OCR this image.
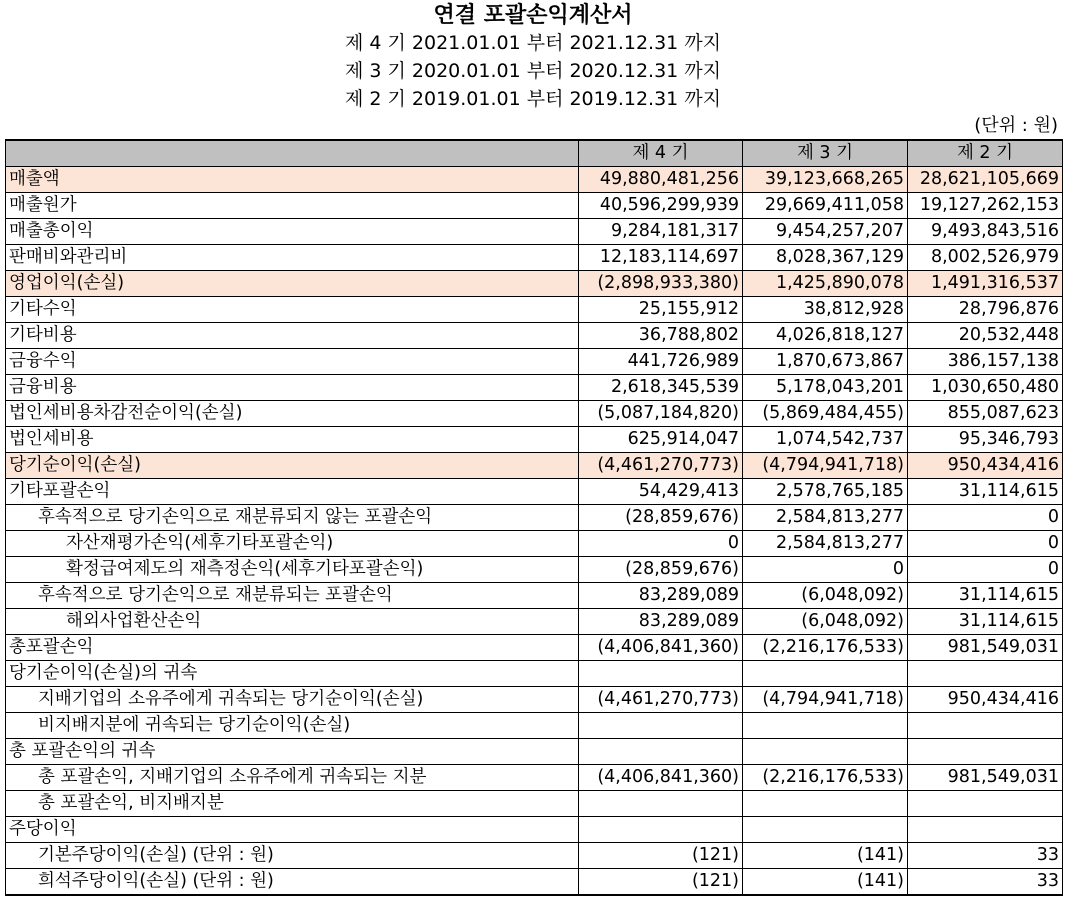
연결 포괄손익계산서
제 4 기 2021.01.01 부터 2021.12.31 까지
제 3 기 2020.01.01 부터 2020.12.31 까지
제 2 기 2019.01.01 부터 2019.12.31 까지
(단위 : 원)
	제 4 기	제 3 기	제 2 기
매출액	49,880,481,256	39,123,668,265	28,621,105,669
매출원가	40,596,299,939	29,669,411,058	19,127,262,153
매출총이익	9,284,181,317	9,454,257,207	9,493,843,516
판매비와관리비	12,183,114,697	8,028,367,129	8,002,526,979
영업이익(손실)	(2,898,933,380)	1,425,890,078	1,491,316,537
기타수익	25,155,912	38,812,928	28,796,876
기타비용	36,788,802	4,026,818,127	20,532,448
금융수익	441,726,989	1,870,673,867	386,157,138
금융비용	2,618,345,539	5,178,043,201	1,030,650,480
법인세비용차감전순이익(손실)	(5,087,184,820)	(5,869,484,455)	855,087,623
법인세비용	625,914,047	1,074,542,737	95,346,793
당기순이익(손실)	(4,461,270,773)	(4,794,941,718)	950,434,416
기타포괄손익	54,429,413	2,578,765,185	31,114,615
후속적으로 당기손익으로 재분류되지 않는 포괄손익	(28,859,676)	2,584,813,277	0
자산재평가손익(세후기타포괄손익)	0	2,584,813,277	0
확정급여제도의 재측정손익(세후기타포괄손익)	(28,859,676)	0	0
후속적으로 당기손익으로 재분류되는 포괄손익	83,289,089	(6,048,092)	31,114,615
해외사업환산손익	83,289,089	(6,048,092)	31,114,615
총포괄손익	(4,406,841,360)	(2,216,176,533)	981,549,031
당기순이익(손실)의 귀속			
지배기업의 소유주에게 귀속되는 당기순이익(손실)	(4,461,270,773)	(4,794,941,718)	950,434,416
비지배지분에 귀속되는 당기순이익(손실)			
총 포괄손익의 귀속			
총 포괄손익, 지배기업의 소유주에게 귀속되는 지분	(4,406,841,360)	(2,216,176,533)	981,549,031
총 포괄손익, 비지배지분			
주당이익			
기본주당이익(손실) (단위 : 원)	(121)	(141)	33
희석주당이익(손실) (단위 : 원)	(121)	(141)	33
